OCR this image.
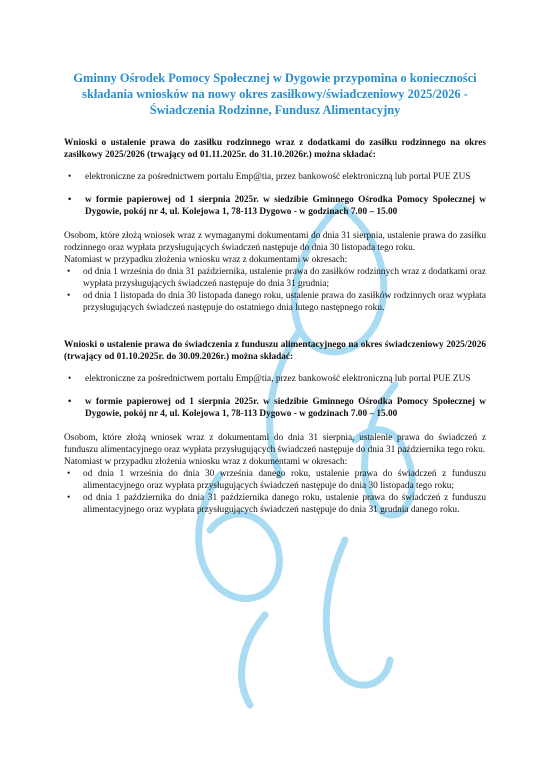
Gminny Ośrodek Pomocy Społecznej w Dygowie przypomina o konieczności składania wniosków na nowy okres zasiłkowy/świadczeniowy 2025/2026 - Świadczenia Rodzinne, Fundusz Alimentacyjny

Wnioski o ustalenie prawa do zasiłku rodzinnego wraz z dodatkami do zasiłku rodzinnego na okres zasiłkowy 2025/2026 (trwający od 01.11.2025r. do 31.10.2026r.) można składać:

• elektroniczne za pośrednictwem portalu Emp@tia, przez bankowość elektroniczną lub portal PUE ZUS
• w formie papierowej od 1 sierpnia 2025r. w siedzibie Gminnego Ośrodka Pomocy Społecznej w Dygowie, pokój nr 4, ul. Kolejowa 1, 78-113 Dygowo - w godzinach 7.00 – 15.00

Osobom, które złożą wniosek wraz z wymaganymi dokumentami do dnia 31 sierpnia, ustalenie prawa do zasiłku rodzinnego oraz wypłata przysługujących świadczeń następuje do dnia 30 listopada tego roku.

Natomiast w przypadku złożenia wniosku wraz z dokumentami w okresach:

• od dnia 1 września do dnia 31 października, ustalenie prawa do zasiłków rodzinnych wraz z dodatkami oraz wypłata przysługujących świadczeń następuje do dnia 31 grudnia;
• od dnia 1 listopada do dnia 30 listopada danego roku, ustalenie prawa do zasiłków rodzinnych oraz wypłata przysługujących świadczeń następuje do ostatniego dnia lutego następnego roku.

Wnioski o ustalenie prawa do świadczenia z funduszu alimentacyjnego na okres świadczeniowy 2025/2026 (trwający od 01.10.2025r. do 30.09.2026r.) można składać:

• elektroniczne za pośrednictwem portalu Emp@tia, przez bankowość elektroniczną lub portal PUE ZUS
• w formie papierowej od 1 sierpnia 2025r. w siedzibie Gminnego Ośrodka Pomocy Społecznej w Dygowie, pokój nr 4, ul. Kolejowa 1, 78-113 Dygowo - w godzinach 7.00 – 15.00

Osobom, które złożą wniosek wraz z dokumentami do dnia 31 sierpnia, ustalenie prawa do świadczeń z funduszu alimentacyjnego oraz wypłata przysługujących świadczeń następuje do dnia 31 października tego roku.

Natomiast w przypadku złożenia wniosku wraz z dokumentami w okresach:

• od dnia 1 września do dnia 30 września danego roku, ustalenie prawa do świadczeń z funduszu alimentacyjnego oraz wypłata przysługujących świadczeń następuje do dnia 30 listopada tego roku;
• od dnia 1 października do dnia 31 października danego roku, ustalenie prawa do świadczeń z funduszu alimentacyjnego oraz wypłata przysługujących świadczeń następuje do dnia 31 grudnia danego roku.
